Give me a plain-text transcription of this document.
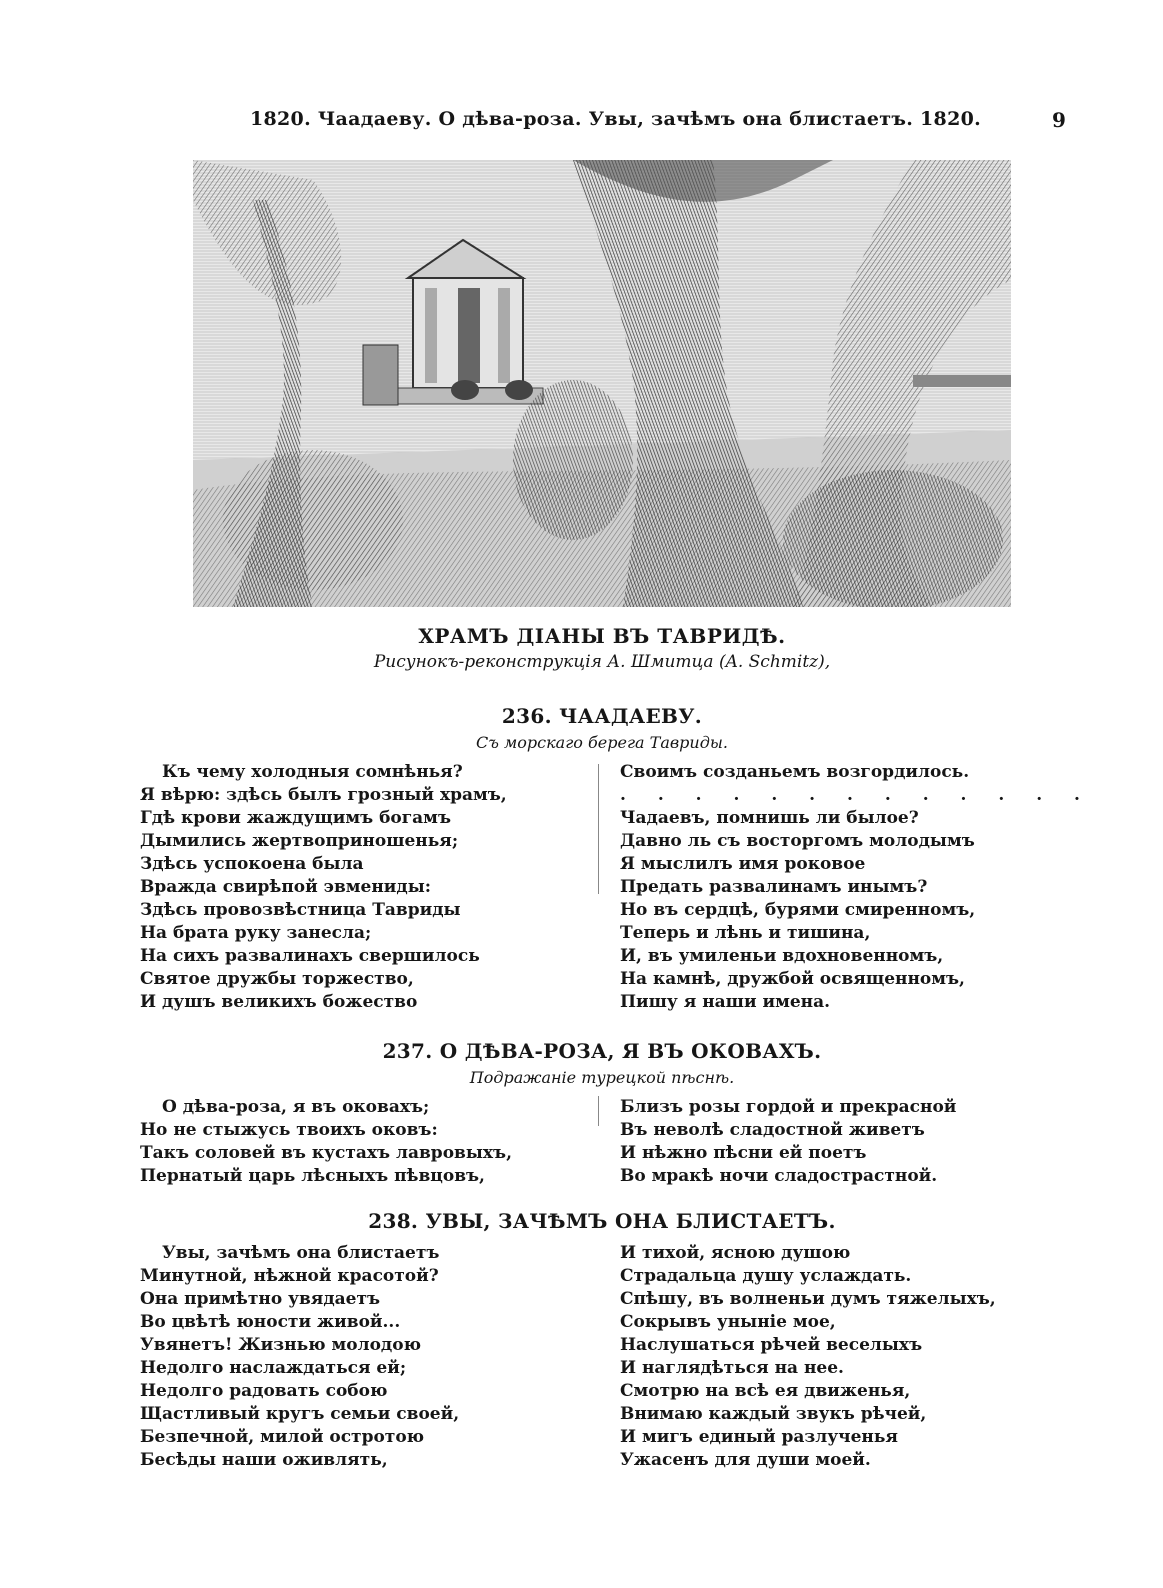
1820. Чаадаеву. О дѣва-роза. Увы, зачѣмъ она блистаетъ. 1820.	9
ХРАМЪ ДІАНЫ ВЪ ТАВРИДѢ.
Рисунокъ-реконструкція А. Шмитца (A. Schmitz),
236. ЧААДАЕВУ.
Съ морскаго берега Тавриды.
Къ чему холодныя сомнѣнья?
Я вѣрю: здѣсь былъ грозный храмъ,
Гдѣ крови жаждущимъ богамъ
Дымились жертвоприношенья;
Здѣсь успокоена была
Вражда свирѣпой эвмениды:
Здѣсь провозвѣстница Тавриды
На брата руку занесла;
На сихъ развалинахъ свершилось
Святое дружбы торжество,
И душъ великихъ божество
Своимъ созданьемъ возгордилось.
. . . . . . . . . . . . .
Чадаевъ, помнишь ли былое?
Давно ль съ восторгомъ молодымъ
Я мыслилъ имя роковое
Предать развалинамъ инымъ?
Но въ сердцѣ, бурями смиренномъ,
Теперь и лѣнь и тишина,
И, въ умиленьи вдохновенномъ,
На камнѣ, дружбой освященномъ,
Пишу я наши имена.
237. О ДѢВА-РОЗА, Я ВЪ ОКОВАХЪ.
Подражаніе турецкой пѣснѣ.
О дѣва-роза, я въ оковахъ;
Но не стыжусь твоихъ оковъ:
Такъ соловей въ кустахъ лавровыхъ,
Пернатый царь лѣсныхъ пѣвцовъ,
Близъ розы гордой и прекрасной
Въ неволѣ сладостной живетъ
И нѣжно пѣсни ей поетъ
Во мракѣ ночи сладострастной.
238. УВЫ, ЗАЧѢМЪ ОНА БЛИСТАЕТЪ.
Увы, зачѣмъ она блистаетъ
Минутной, нѣжной красотой?
Она примѣтно увядаетъ
Во цвѣтѣ юности живой...
Увянетъ! Жизнью молодою
Недолго наслаждаться ей;
Недолго радовать собою
Щастливый кругъ семьи своей,
Безпечной, милой остротою
Бесѣды наши оживлять,
И тихой, ясною душою
Страдальца душу услаждать.
Спѣшу, въ волненьи думъ тяжелыхъ,
Сокрывъ уныніе мое,
Наслушаться рѣчей веселыхъ
И наглядѣться на нее.
Смотрю на всѣ ея движенья,
Внимаю каждый звукъ рѣчей,
И мигъ единый разлученья
Ужасенъ для души моей.
